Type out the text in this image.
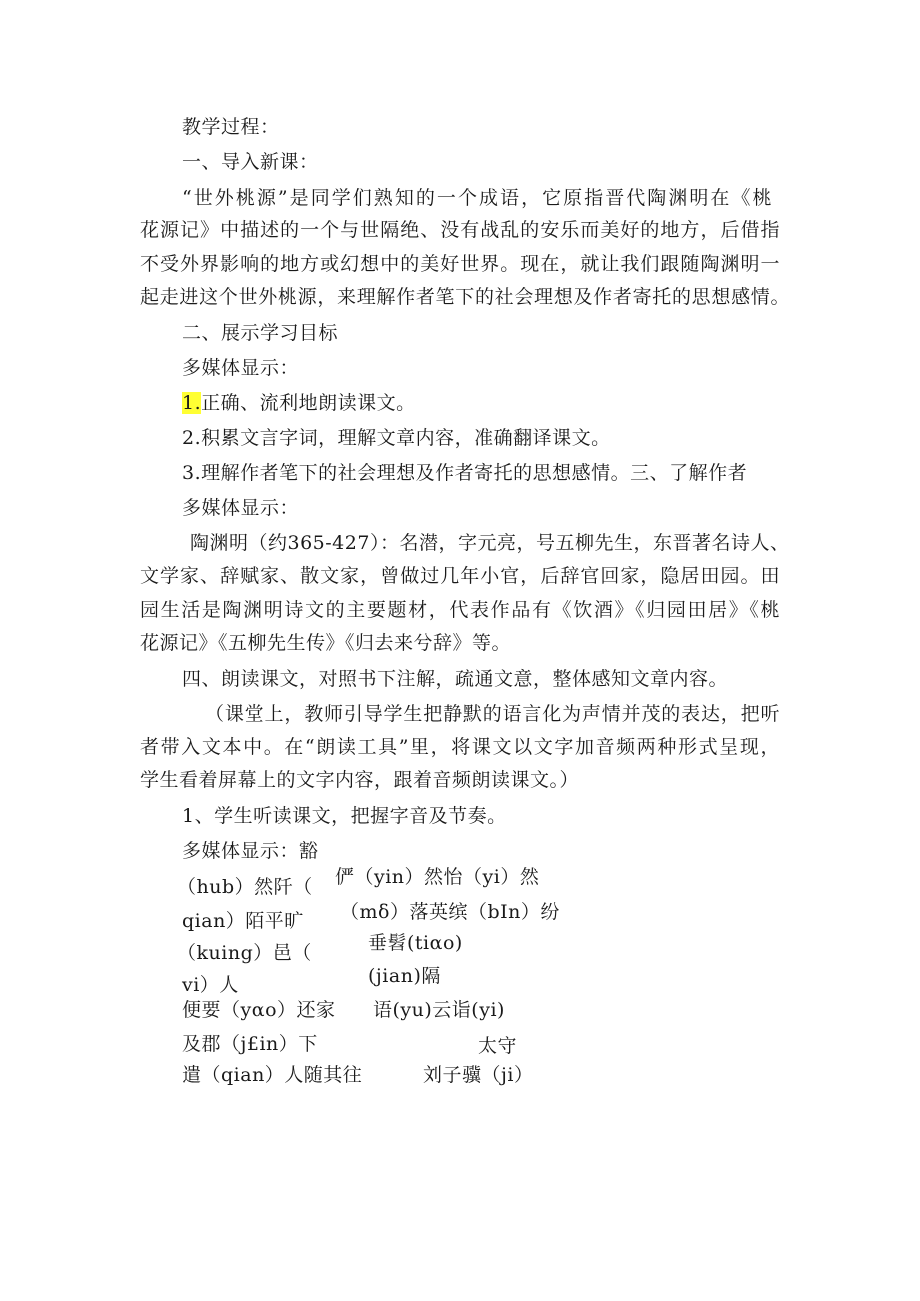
教学过程：
一、导入新课：
“世外桃源”是同学们熟知的一个成语，它原指晋代陶渊明在《桃
花源记》中描述的一个与世隔绝、没有战乱的安乐而美好的地方，后借指
不受外界影响的地方或幻想中的美好世界。现在，就让我们跟随陶渊明一
起走进这个世外桃源，来理解作者笔下的社会理想及作者寄托的思想感情。
二、展示学习目标
多媒体显示：
1.正确、流利地朗读课文。
2.积累文言字词，理解文章内容，准确翻译课文。
3.理解作者笔下的社会理想及作者寄托的思想感情。三、了解作者
多媒体显示：
陶渊明（约365-427）：名潜，字元亮，号五柳先生，东晋著名诗人、
文学家、辞赋家、散文家，曾做过几年小官，后辞官回家，隐居田园。田
园生活是陶渊明诗文的主要题材，代表作品有《饮酒》《归园田居》《桃
花源记》《五柳先生传》《归去来兮辞》等。
四、朗读课文，对照书下注解，疏通文意，整体感知文章内容。
（课堂上，教师引导学生把静默的语言化为声情并茂的表达，把听
者带入文本中。在“朗读工具”里，将课文以文字加音频两种形式呈现，
学生看着屏幕上的文字内容，跟着音频朗读课文。）
1、学生听读课文，把握字音及节奏。
多媒体显示：豁
（hub）然阡（ 俨（yin）然怡（yi）然
qian）陌平旷 （mδ）落英缤（bIn）纷
（kuing）邑（	垂髫(tiαo)
vi）人	(jian)隔
便要（yαo）还家 语(yu)云诣(yi)
及郡（j£in）下	太守
遣（qian）人随其往	刘子骥（ji）
